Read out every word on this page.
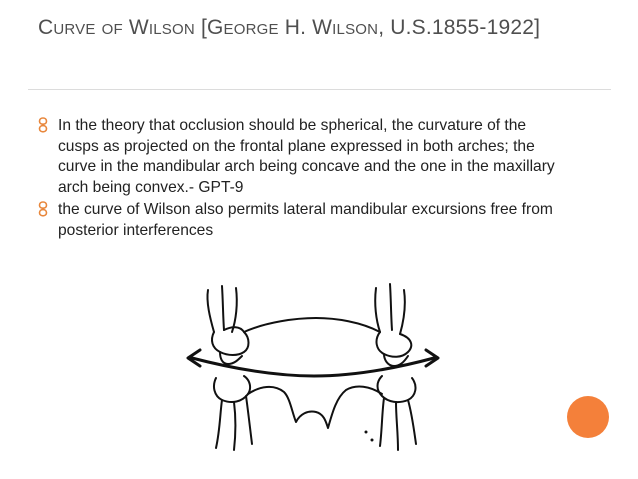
Curve of Wilson [George H. Wilson, U.S.1855-1922]
In the theory that occlusion should be spherical, the curvature of the cusps as projected on the frontal plane expressed in both arches; the curve in the mandibular arch being concave and the one in the maxillary arch being convex.- GPT-9
the curve of Wilson also permits lateral mandibular excursions free from posterior interferences
